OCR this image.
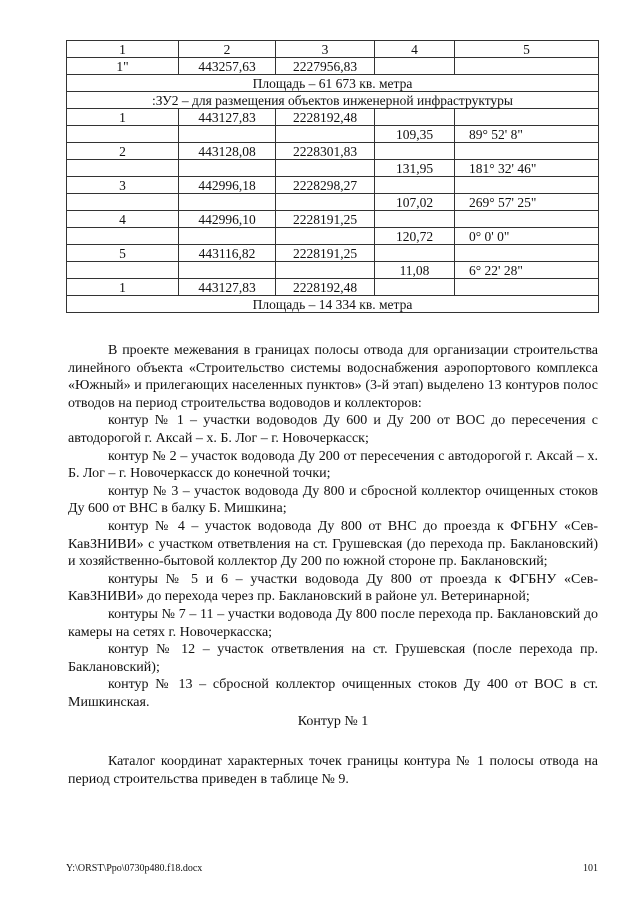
1	2	3	4	5
1"	443257,63	2227956,83		
Площадь – 61 673 кв. метра				
:ЗУ2 – для размещения объектов инженерной инфраструктуры				
1	443127,83	2228192,48		
			109,35	89° 52' 8"
2	443128,08	2228301,83		
			131,95	181° 32' 46"
3	442996,18	2228298,27		
			107,02	269° 57' 25"
4	442996,10	2228191,25		
			120,72	0° 0' 0"
5	443116,82	2228191,25		
			11,08	6° 22' 28"
1	443127,83	2228192,48		
Площадь – 14 334 кв. метра				

В проекте межевания в границах полосы отвода для организации строительства линейного объекта «Строительство системы водоснабжения аэропортового комплекса «Южный» и прилегающих населенных пунктов» (3-й этап) выделено 13 контуров полос отводов на период строительства водоводов и коллекторов:

контур № 1 – участки водоводов Ду 600 и Ду 200 от ВОС до пересечения с автодорогой г. Аксай – х. Б. Лог – г. Новочеркасск;

контур № 2 – участок водовода Ду 200 от пересечения с автодорогой г. Аксай – х. Б. Лог – г. Новочеркасск до конечной точки;

контур № 3 – участок водовода Ду 800 и сбросной коллектор очищенных стоков Ду 600 от ВНС в балку Б. Мишкина;

контур № 4 – участок водовода Ду 800 от ВНС до проезда к ФГБНУ «Сев-КавЗНИВИ» с участком ответвления на ст. Грушевская (до перехода пр. Баклановский) и хозяйственно-бытовой коллектор Ду 200 по южной стороне пр. Баклановский;

контуры № 5 и 6 – участки водовода Ду 800 от проезда к ФГБНУ «Сев-КавЗНИВИ» до перехода через пр. Баклановский в районе ул. Ветеринарной;

контуры № 7 – 11 – участки водовода Ду 800 после перехода пр. Баклановский до камеры на сетях г. Новочеркасска;

контур № 12 – участок ответвления на ст. Грушевская (после перехода пр. Баклановский);

контур № 13 – сбросной коллектор очищенных стоков Ду 400 от ВОС в ст. Мишкинская.

Контур № 1

Каталог координат характерных точек границы контура № 1 полосы отвода на период строительства приведен в таблице № 9.

Y:\ORST\Ppo\0730p480.f18.docx	101
